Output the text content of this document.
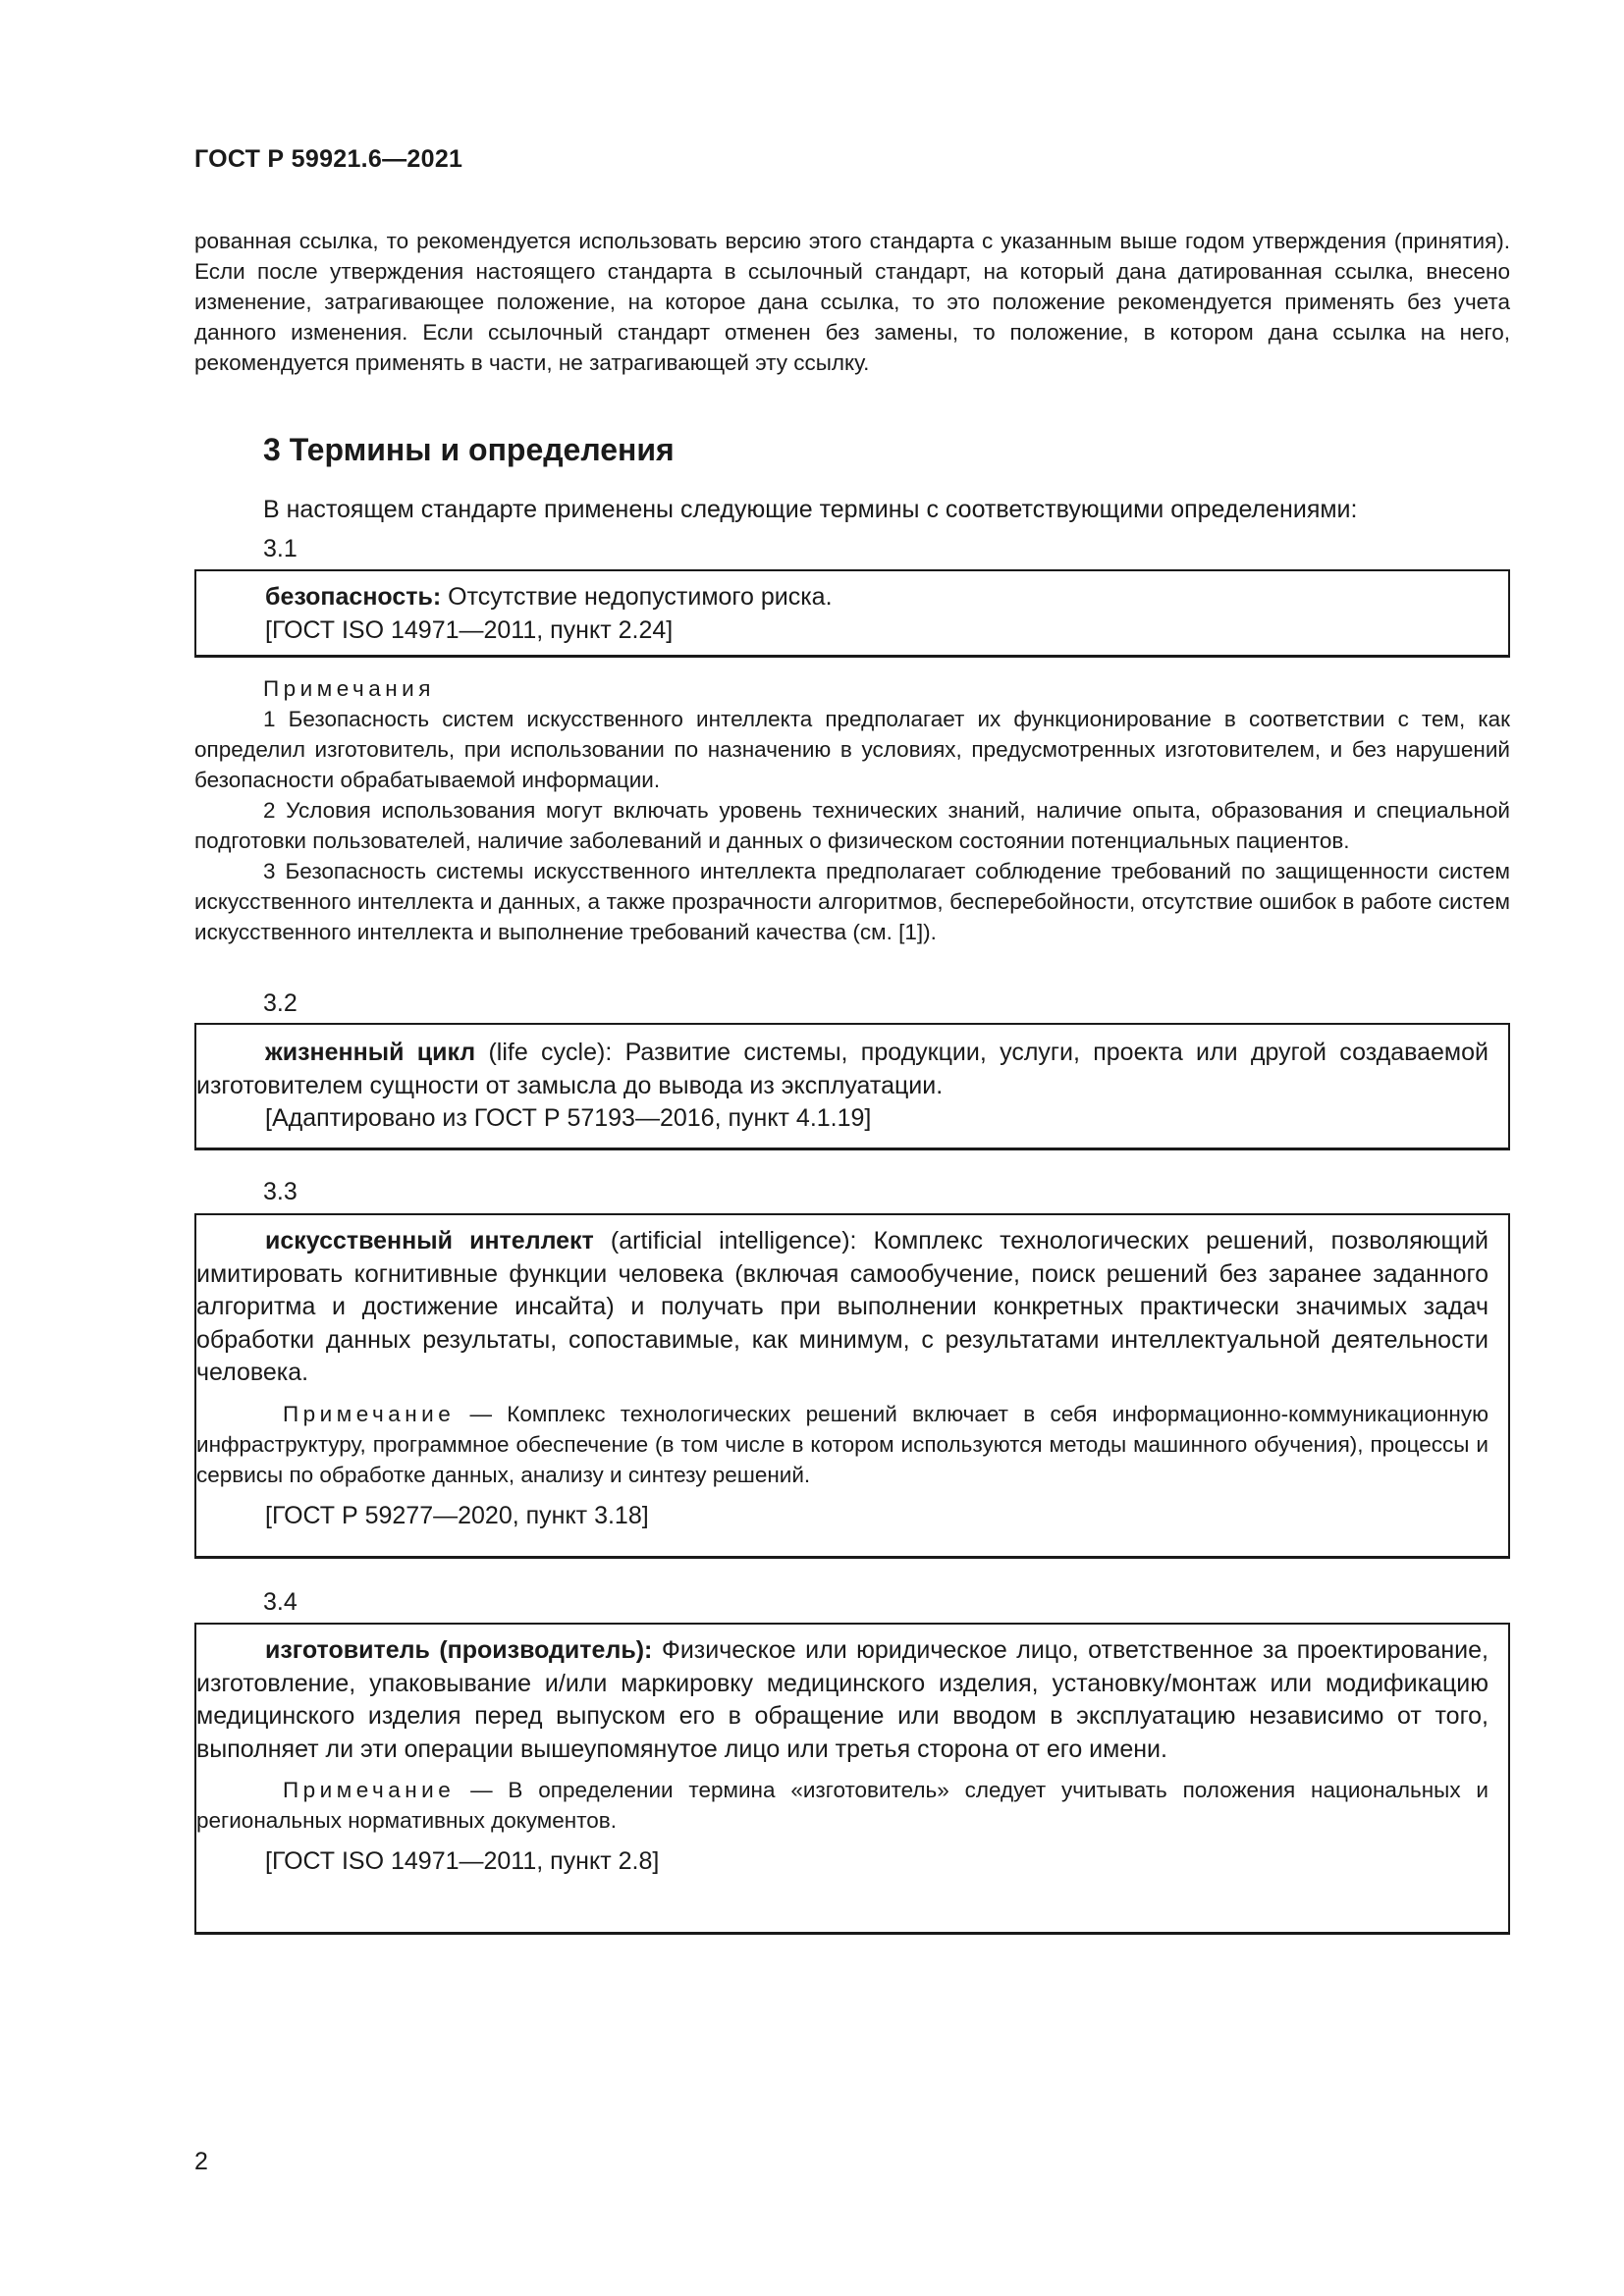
ГОСТ Р 59921.6—2021
рованная ссылка, то рекомендуется использовать версию этого стандарта с указанным выше годом утверждения (принятия). Если после утверждения настоящего стандарта в ссылочный стандарт, на который дана датированная ссылка, внесено изменение, затрагивающее положение, на которое дана ссылка, то это положение рекомендуется применять без учета данного изменения. Если ссылочный стандарт отменен без замены, то положение, в котором дана ссылка на него, рекомендуется применять в части, не затрагивающей эту ссылку.
3 Термины и определения
В настоящем стандарте применены следующие термины с соответствующими определениями:
3.1

безопасность: Отсутствие недопустимого риска.

[ГОСТ ISO 14971—2011, пункт 2.24]

Примечания

1 Безопасность систем искусственного интеллекта предполагает их функционирование в соответствии с тем, как определил изготовитель, при использовании по назначению в условиях, предусмотренных изготовителем, и без нарушений безопасности обрабатываемой информации.

2 Условия использования могут включать уровень технических знаний, наличие опыта, образования и специальной подготовки пользователей, наличие заболеваний и данных о физическом состоянии потенциальных пациентов.

3 Безопасность системы искусственного интеллекта предполагает соблюдение требований по защищенности систем искусственного интеллекта и данных, а также прозрачности алгоритмов, бесперебойности, отсутствие ошибок в работе систем искусственного интеллекта и выполнение требований качества (см. [1]).

3.2

жизненный цикл (life cycle): Развитие системы, продукции, услуги, проекта или другой создаваемой изготовителем сущности от замысла до вывода из эксплуатации.

[Адаптировано из ГОСТ Р 57193—2016, пункт 4.1.19]

3.3

искусственный интеллект (artificial intelligence): Комплекс технологических решений, позволяющий имитировать когнитивные функции человека (включая самообучение, поиск решений без заранее заданного алгоритма и достижение инсайта) и получать при выполнении конкретных практически значимых задач обработки данных результаты, сопоставимые, как минимум, с результатами интеллектуальной деятельности человека.

Примечание — Комплекс технологических решений включает в себя информационно-коммуникационную инфраструктуру, программное обеспечение (в том числе в котором используются методы машинного обучения), процессы и сервисы по обработке данных, анализу и синтезу решений.

[ГОСТ Р 59277—2020, пункт 3.18]

3.4

изготовитель (производитель): Физическое или юридическое лицо, ответственное за проектирование, изготовление, упаковывание и/или маркировку медицинского изделия, установку/монтаж или модификацию медицинского изделия перед выпуском его в обращение или вводом в эксплуатацию независимо от того, выполняет ли эти операции вышеупомянутое лицо или третья сторона от его имени.

Примечание — В определении термина «изготовитель» следует учитывать положения национальных и региональных нормативных документов.

[ГОСТ ISO 14971—2011, пункт 2.8]

2
